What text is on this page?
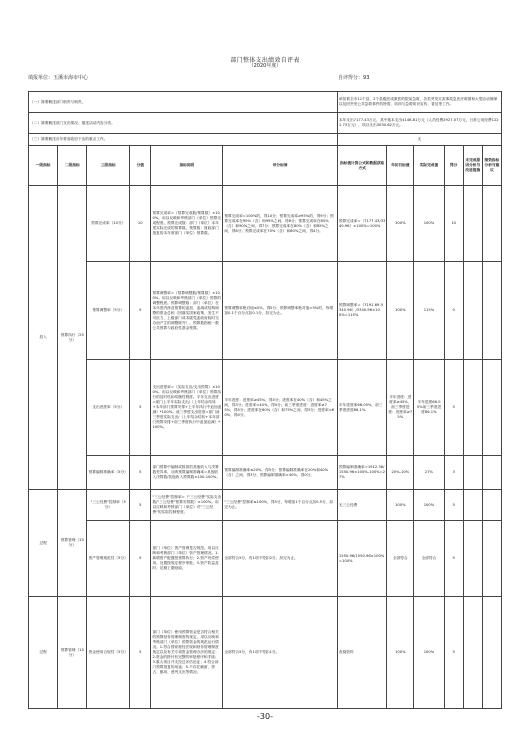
部门整体支出绩效自评表
（2020年度）
填报单位：玉溪市海市中心	自评得分：93
（一）简要概述部门职责与职责。						承担着全市11个县、2个县级医成康医的院前急救、各类突发灾害事故急医疗救援和大型活动保障以及因突发公共急救事件的特需、培训与急救知识宣传、普及等工作。					
（二）简要概述部门支出情况，描述活动内容分类。						本年支出7177.43万元，其中基本支出4146.81万元（人员经费2927.07万元，日常公用经费1221.73万元），项目支出3030.62万元。					
（三）简要概述各年要省政府下达的重点工作。						无					
一级指标	二级指标	三级指标	分值	指标说明	评分标准	指标值计算公式和数据获取方式	年初目标值	实际完成值	得分	未完成原因分析与改进措施	绩效指标分析与建议
投入	预算执行（25分）	预算完成率（10分）	10	预算完成率=（预算完成数/预算数）×100%。用以反映和考核部门（单位）预算完成程度。预算完成数：部门（单位）本年度实际完成的预算数。预算数：财政部门批复的本年度部门（单位）预算数。	预算完成率=100%的，得10分；预算完成率≥95%的，得9分；预算完成率在90%（含）和95%之间，得8分；预算完成率在85%（含）和90%之间，得7分；预算完成率在80%（含）和85%之间，得6分；预算完成率在70%（含）和80%之间，得4分。	预算完成率=（7177.43/3340.96）×100%=100%	100%	100%	10		
		预算调整率（5分）	5	预算调整率=（预算调整数/预算数）×100%。用以反映和考核部门（单位）预算的调整程度。预算调整数：部门（单位）在本年度内涉及预算的追加、追减或结构调整的资金总和（因落实国家政策、发生不可抗力、上级部门或本级党委政府临时交办而产生的调整除外）。预算数指统一数公共预算与政府性基金预算。	预算调整率绝对值≤5%，得5分；预算调整率绝对值>5%的，每增加0.1个百分点扣0.1分，扣完为止。	预算调整率=（7191.69-5340.96）/3340.96×100%=115%	100%	115%	0		
		支出进度率（5分）	5	支出进度率=（实际支出/支出预算）×100%。用以反映和考核部门（单位）预算执行的及时性和均衡性程度。半年支出进度=部门上半年实际支出/（上年结余结转+本年部门预算安排+上半年执行中追加追减）*100%。前三季度支出进度=部门前三季度实际支出/（上年结余结转+本年部门预算安排+前三季度执行中追加追减）*100%。	半年进度：进度率≥45%，得5分；进度率在40%（含）和45%之间，得3分；进度率<40%，得0分。前三季度进度：进度率≥75%，得5分；进度率在60%（含）和75%之间，得3分；进度率<60%，得0分。	半年进度率66.05%，前三季度进度86.1%	半年进度：进度率≥45%，前三季度进度：进度率≥75%	半年进度66.05%前三季度进度86.1%	5		
		预算编制准确率（5分）	5	部门预算中编制或拨款的其他收入与决算数差异率，反映预算编制准确率=其他收入决算数/其他收入预算数×100-100%。	预算编制准确率≤20%，得5分；预算编制准确率在20%和40%（含）之间，得3分；预算编制准确率>40%，得0分。	预算编制准确率=1912.36/1550.96×100%-100%=27%	20%-10%	27%	3		
过程	预算管理（15分）	"三公经费"控制率（5分）	5	"三公经费"控制率=（"三公经费"实际支出数/"三公经费"预算安排数）×100%。用以反映和考核部门（单位）对"三公经费"的实际控制程度。	"三公经费"控制率≤100%，得5分，每增加1个百分点扣0.5分，扣完为止。	无三公经费	100%	100%	5		
		资产管理规范性（5分）	5	部门（单位）资产管理是否规范，用以反映和考核部门（单位）资产管理情况。1.新增资产配置按预算执行；2.资产有偿使用、处置按规定程序审批；3.资产收益及时、足额上缴财政。	全部符合5分，有1项不符扣2分，扣完为止。	1550.96/1550.96×100%=100%	全部符合	全部符合	5		
过程	预算管理（15分）	资金使用合规性（5分）	5	部门（单位）使用预算资金是否符合相关的预算财务管理制度的规定，用以反映和考核部门（单位）预算资金的规范运行情况。1.符合国家财经法规和财务管理制度规定以及有关专项资金管理办法的规定；2.资金的拨付有完整的审批程序和手续；3.重大项目开支经过评估论证；4.符合部门预算批复的用途；5.不存在截留、挤占、挪用、虚列支出等情况。	全部符合5分，有1项不符扣1分。	查阅资料	100%	100%	5		
-30-
